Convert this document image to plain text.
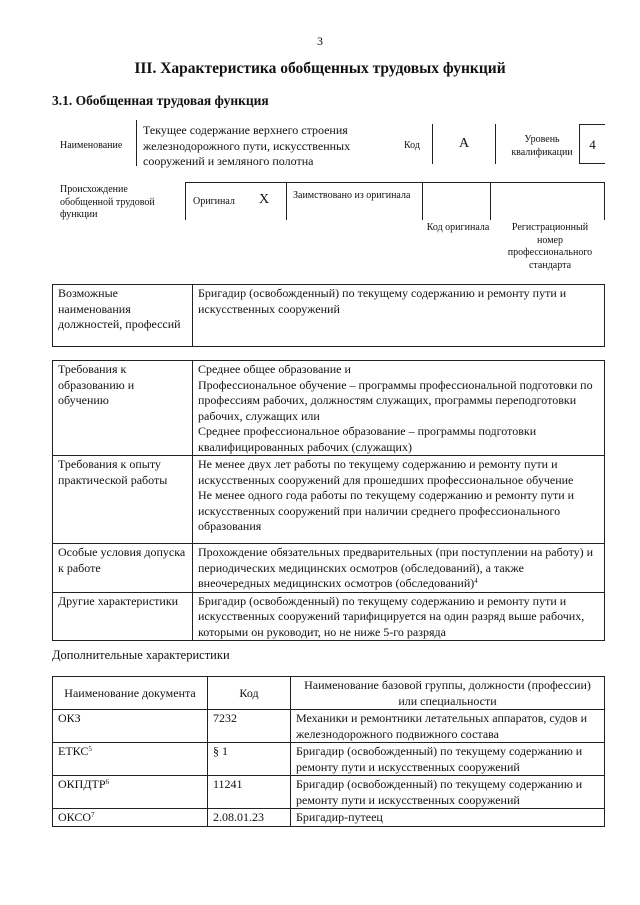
3
III. Характеристика обобщенных трудовых функций
3.1. Обобщенная трудовая функция
Наименование
Текущее содержание верхнего строения железнодорожного пути, искусственных сооружений и земляного полотна
Код	А	Уровень квалификации	4
Происхождение обобщенной трудовой функции
Оригинал Х Заимствовано из оригинала
Код оригинала	Регистрационный номер профессионального стандарта
Возможные наименования должностей, профессий	Бригадир (освобожденный) по текущему содержанию и ремонту пути и искусственных сооружений
Требования к образованию и обучению	Среднее общее образование и
Профессиональное обучение – программы профессиональной подготовки по профессиям рабочих, должностям служащих, программы переподготовки рабочих, служащих или
Среднее профессиональное образование – программы подготовки квалифицированных рабочих (служащих)
Требования к опыту практической работы	Не менее двух лет работы по текущему содержанию и ремонту пути и искусственных сооружений для прошедших профессиональное обучение
Не менее одного года работы по текущему содержанию и ремонту пути и искусственных сооружений при наличии среднего профессионального образования
Особые условия допуска к работе	Прохождение обязательных предварительных (при поступлении на работу) и периодических медицинских осмотров (обследований), а также внеочередных медицинских осмотров (обследований)$^4$
Другие характеристики	Бригадир (освобожденный) по текущему содержанию и ремонту пути и искусственных сооружений тарифицируется на один разряд выше рабочих, которыми он руководит, но не ниже 5-го разряда
Дополнительные характеристики
Наименование документа	Код	Наименование базовой группы, должности (профессии) или специальности
ОКЗ	7232	Механики и ремонтники летательных аппаратов, судов и железнодорожного подвижного состава
ЕТКС$^5$	§ 1	Бригадир (освобожденный) по текущему содержанию и ремонту пути и искусственных сооружений
ОКПДТР$^6$	11241	Бригадир (освобожденный) по текущему содержанию и ремонту пути и искусственных сооружений
ОКСО$^7$	2.08.01.23	Бригадир-путеец
